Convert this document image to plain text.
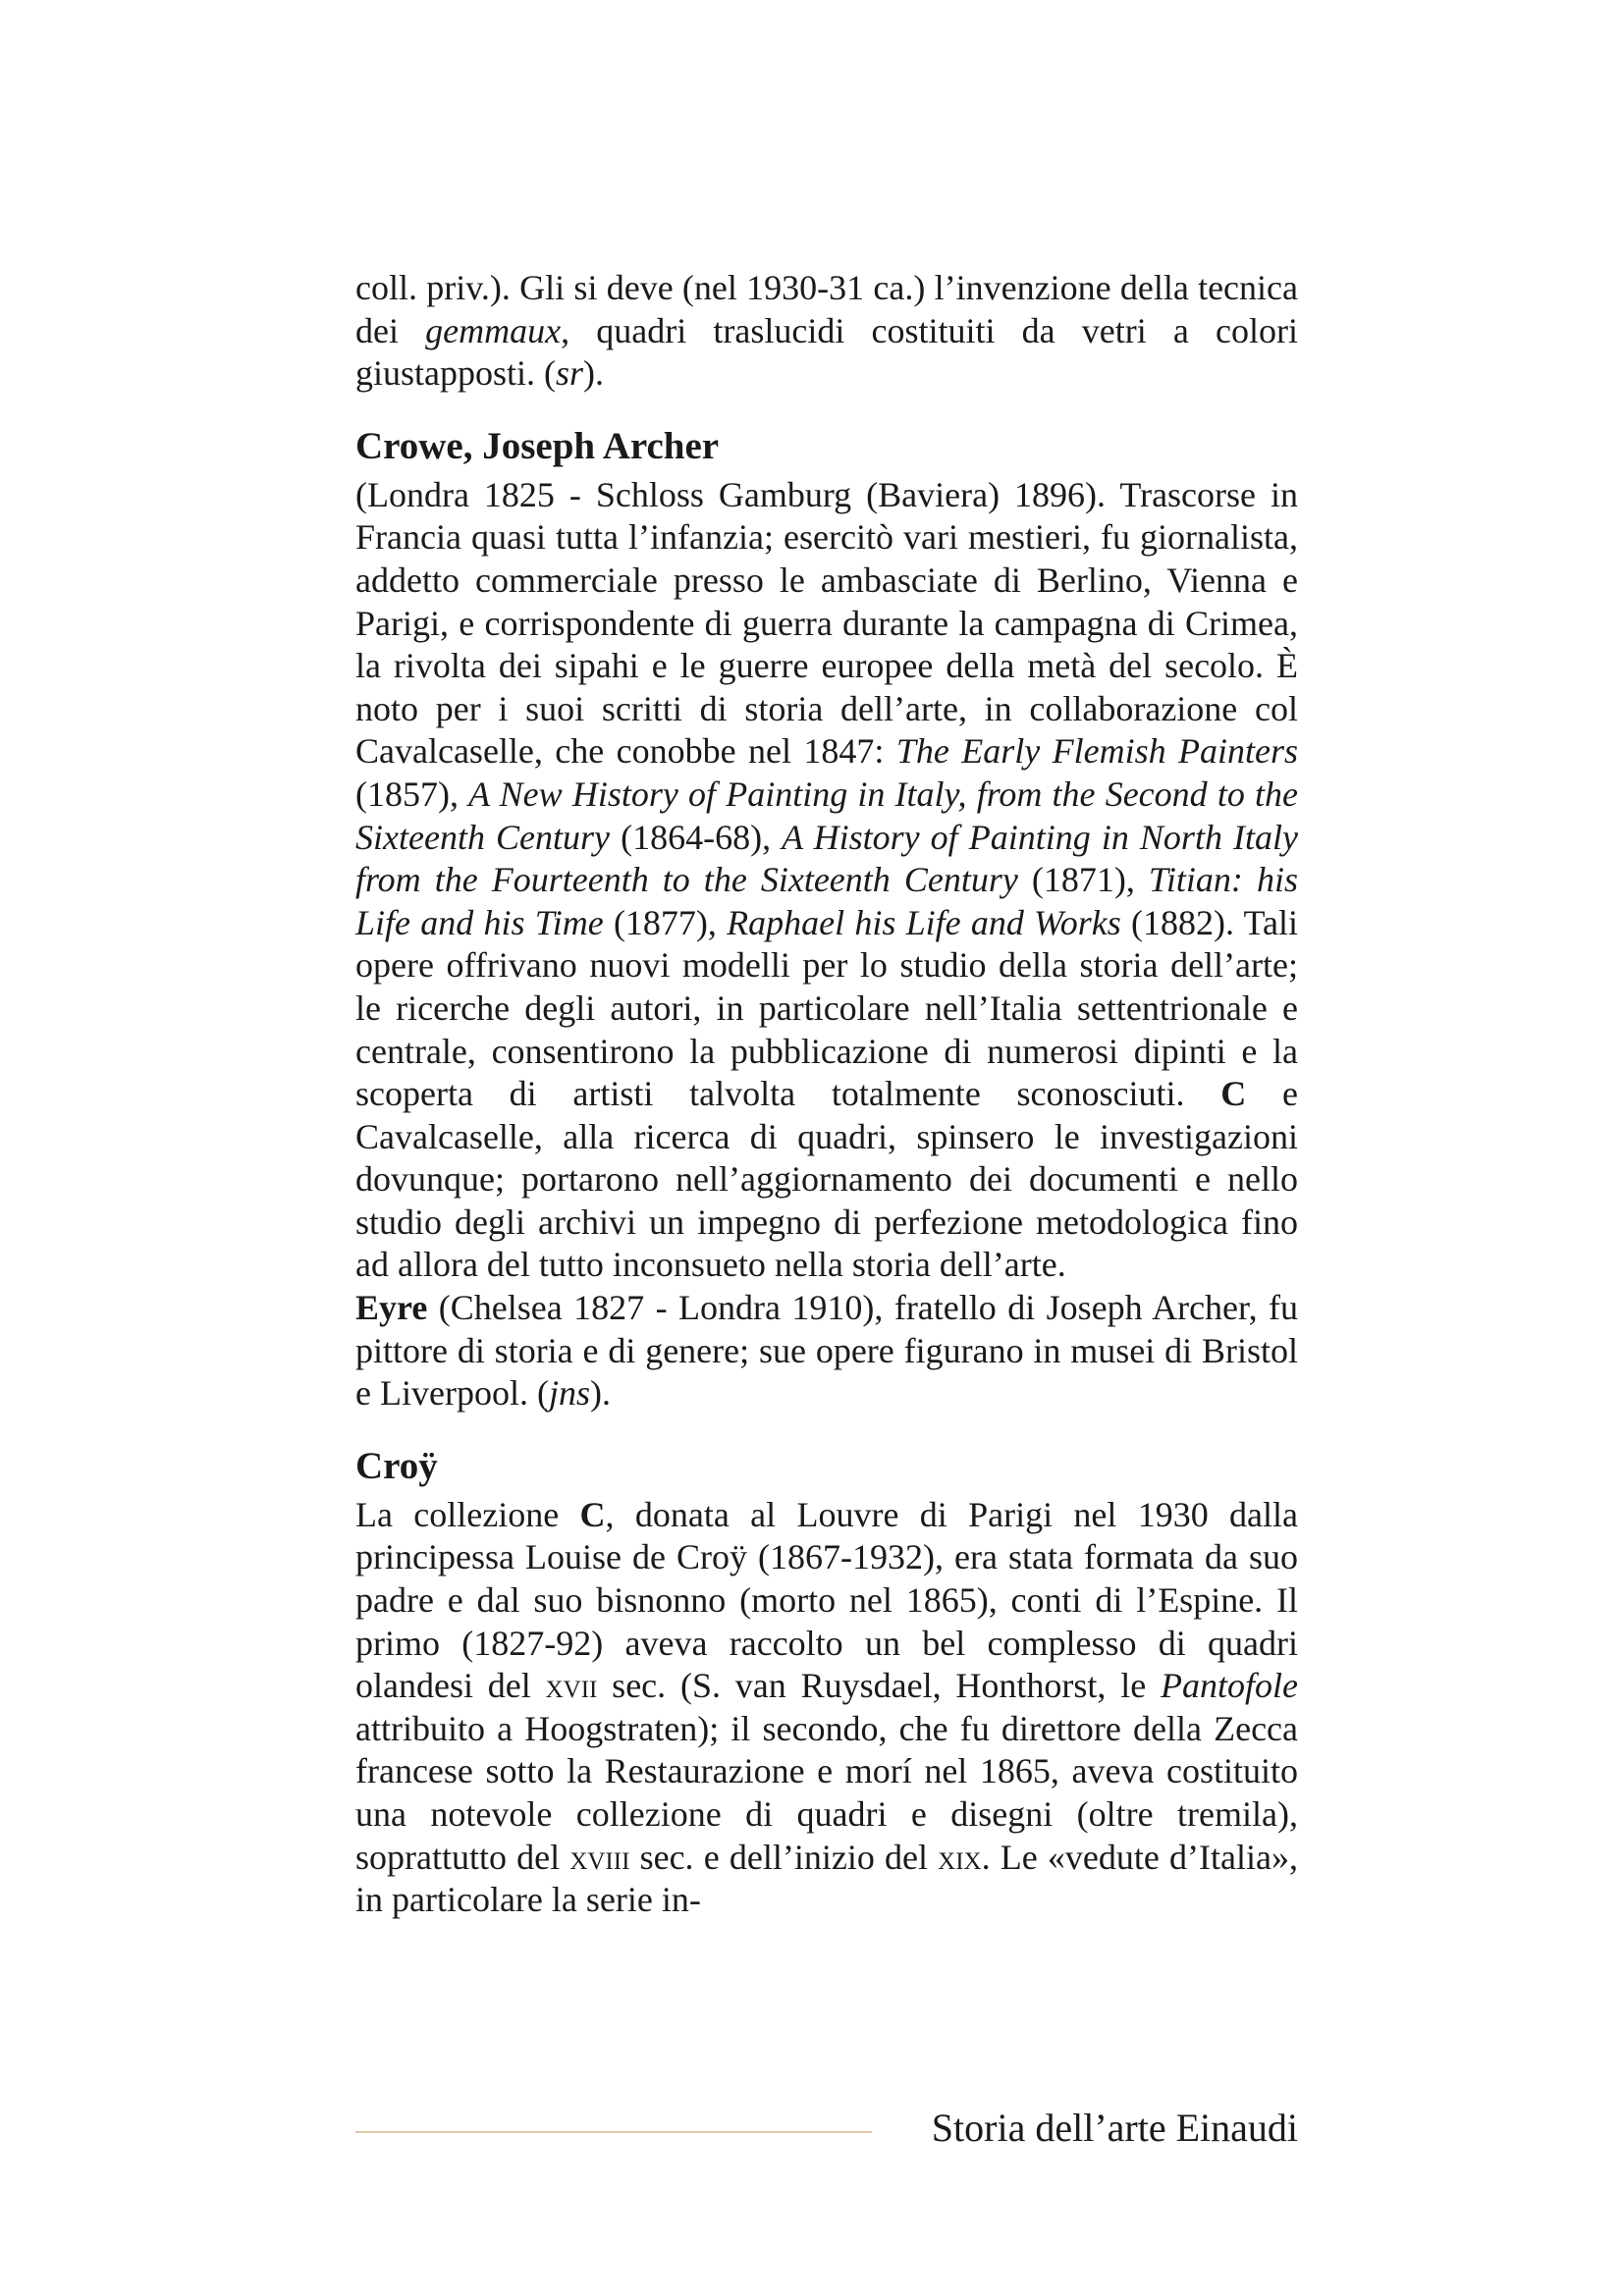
coll. priv.). Gli si deve (nel 1930-31 ca.) l’invenzione della tecnica dei gemmaux, quadri traslucidi costituiti da vetri a colori giustapposti. (sr).

Crowe, Joseph Archer

(Londra 1825 - Schloss Gamburg (Baviera) 1896). Trascorse in Francia quasi tutta l’infanzia; esercitò vari mestieri, fu giornalista, addetto commerciale presso le ambasciate di Berlino, Vienna e Parigi, e corrispondente di guerra durante la campagna di Crimea, la rivolta dei sipahi e le guerre europee della metà del secolo. È noto per i suoi scritti di storia dell’arte, in collaborazione col Cavalcaselle, che conobbe nel 1847: The Early Flemish Painters (1857), A New History of Painting in Italy, from the Second to the Sixteenth Century (1864-68), A History of Painting in North Italy from the Fourteenth to the Sixteenth Century (1871), Titian: his Life and his Time (1877), Raphael his Life and Works (1882). Tali opere offrivano nuovi modelli per lo studio della storia dell’arte; le ricerche degli autori, in particolare nell’Italia settentrionale e centrale, consentirono la pubblicazione di numerosi dipinti e la scoperta di artisti talvolta totalmente sconosciuti. C e Cavalcaselle, alla ricerca di quadri, spinsero le investigazioni dovunque; portarono nell’aggiornamento dei documenti e nello studio degli archivi un impegno di perfezione metodologica fino ad allora del tutto inconsueto nella storia dell’arte.

Eyre (Chelsea 1827 - Londra 1910), fratello di Joseph Archer, fu pittore di storia e di genere; sue opere figurano in musei di Bristol e Liverpool. (jns).

Croÿ

La collezione C, donata al Louvre di Parigi nel 1930 dalla principessa Louise de Croÿ (1867-1932), era stata formata da suo padre e dal suo bisnonno (morto nel 1865), conti di l’Espine. Il primo (1827-92) aveva raccolto un bel complesso di quadri olandesi del xvii sec. (S. van Ruysdael, Honthorst, le Pantofole attribuito a Hoogstraten); il secondo, che fu direttore della Zecca francese sotto la Restaurazione e morí nel 1865, aveva costituito una notevole collezione di quadri e disegni (oltre tremila), soprattutto del xviii sec. e dell’inizio del xix. Le «vedute d’Italia», in particolare la serie in-

Storia dell’arte Einaudi
